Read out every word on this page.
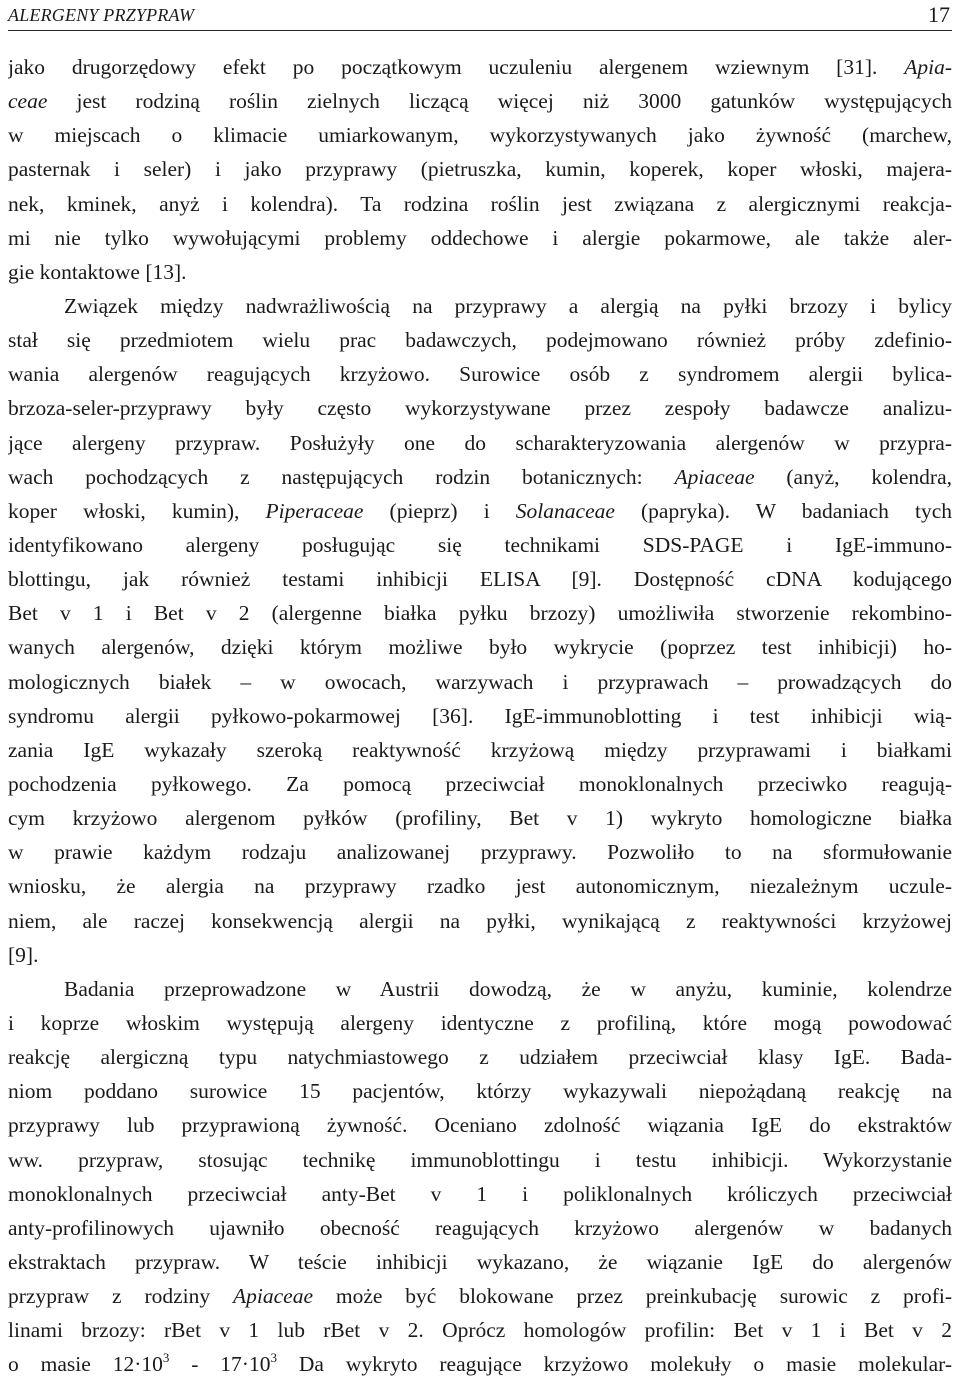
ALERGENY PRZYPRAW	17
jako drugorzędowy efekt po początkowym uczuleniu alergenem wziewnym [31]. Apia-
ceae jest rodziną roślin zielnych liczącą więcej niż 3000 gatunków występujących
w miejscach o klimacie umiarkowanym, wykorzystywanych jako żywność (marchew,
pasternak i seler) i jako przyprawy (pietruszka, kumin, koperek, koper włoski, majera-
nek, kminek, anyż i kolendra). Ta rodzina roślin jest związana z alergicznymi reakcja-
mi nie tylko wywołującymi problemy oddechowe i alergie pokarmowe, ale także aler-
gie kontaktowe [13].
Związek między nadwrażliwością na przyprawy a alergią na pyłki brzozy i bylicy
stał się przedmiotem wielu prac badawczych, podejmowano również próby zdefinio-
wania alergenów reagujących krzyżowo. Surowice osób z syndromem alergii bylica-
brzoza-seler-przyprawy były często wykorzystywane przez zespoły badawcze analizu-
jące alergeny przypraw. Posłużyły one do scharakteryzowania alergenów w przypra-
wach pochodzących z następujących rodzin botanicznych: Apiaceae (anyż, kolendra,
koper włoski, kumin), Piperaceae (pieprz) i Solanaceae (papryka). W badaniach tych
identyfikowano alergeny posługując się technikami SDS-PAGE i IgE-immuno-
blottingu, jak również testami inhibicji ELISA [9]. Dostępność cDNA kodującego
Bet v 1 i Bet v 2 (alergenne białka pyłku brzozy) umożliwiła stworzenie rekombino-
wanych alergenów, dzięki którym możliwe było wykrycie (poprzez test inhibicji) ho-
mologicznych białek – w owocach, warzywach i przyprawach – prowadzących do
syndromu alergii pyłkowo-pokarmowej [36]. IgE-immunoblotting i test inhibicji wią-
zania IgE wykazały szeroką reaktywność krzyżową między przyprawami i białkami
pochodzenia pyłkowego. Za pomocą przeciwciał monoklonalnych przeciwko reagują-
cym krzyżowo alergenom pyłków (profiliny, Bet v 1) wykryto homologiczne białka
w prawie każdym rodzaju analizowanej przyprawy. Pozwoliło to na sformułowanie
wniosku, że alergia na przyprawy rzadko jest autonomicznym, niezależnym uczule-
niem, ale raczej konsekwencją alergii na pyłki, wynikającą z reaktywności krzyżowej
[9].
Badania przeprowadzone w Austrii dowodzą, że w anyżu, kuminie, kolendrze
i koprze włoskim występują alergeny identyczne z profiliną, które mogą powodować
reakcję alergiczną typu natychmiastowego z udziałem przeciwciał klasy IgE. Bada-
niom poddano surowice 15 pacjentów, którzy wykazywali niepożądaną reakcję na
przyprawy lub przyprawioną żywność. Oceniano zdolność wiązania IgE do ekstraktów
ww. przypraw, stosując technikę immunoblottingu i testu inhibicji. Wykorzystanie
monoklonalnych przeciwciał anty-Bet v 1 i poliklonalnych króliczych przeciwciał
anty-profilinowych ujawniło obecność reagujących krzyżowo alergenów w badanych
ekstraktach przypraw. W teście inhibicji wykazano, że wiązanie IgE do alergenów
przypraw z rodziny Apiaceae może być blokowane przez preinkubację surowic z profi-
linami brzozy: rBet v 1 lub rBet v 2. Oprócz homologów profilin: Bet v 1 i Bet v 2
o masie $12\cdot 10^3 - 17\cdot 10^3$ Da wykryto reagujące krzyżowo molekuły o masie molekular-
